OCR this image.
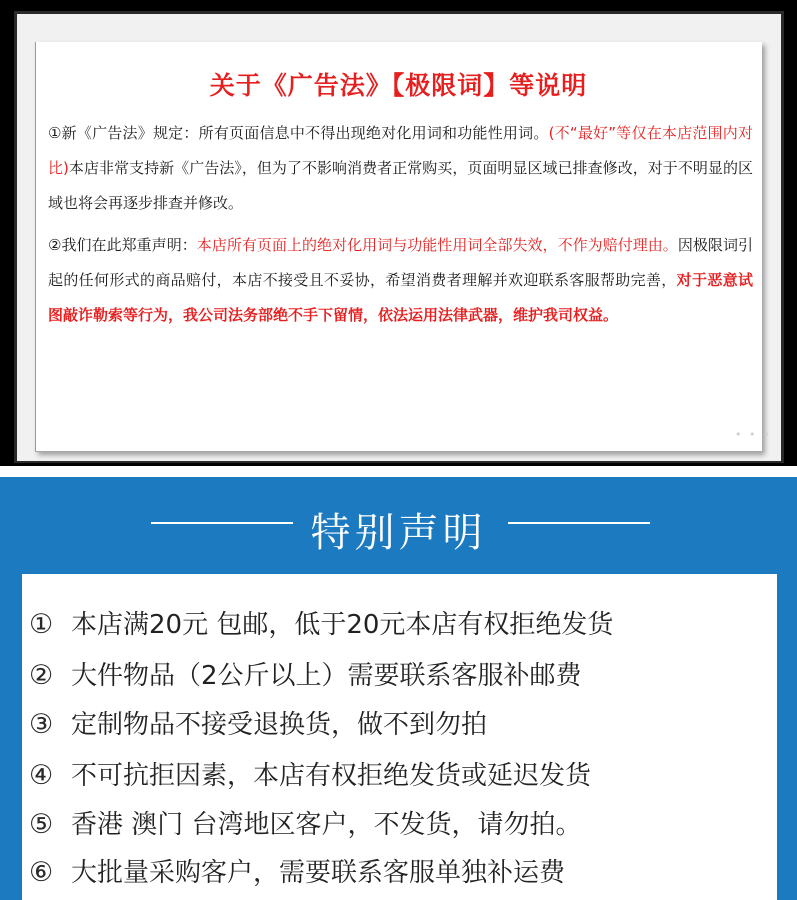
关于《广告法》【极限词】等说明
①新《广告法》规定：所有页面信息中不得出现绝对化用词和功能性用词。(不“最好”等仅在本店范围内对比)本店非常支持新《广告法》，但为了不影响消费者正常购买，页面明显区域已排查修改，对于不明显的区域也将会再逐步排查并修改。
②我们在此郑重声明：本店所有页面上的绝对化用词与功能性用词全部失效，不作为赔付理由。因极限词引起的任何形式的商品赔付，本店不接受且不妥协，希望消费者理解并欢迎联系客服帮助完善，对于恶意试图敲诈勒索等行为，我公司法务部绝不手下留情，依法运用法律武器，维护我司权益。
• • •
特别声明
① 本店满20元 包邮，低于20元本店有权拒绝发货
② 大件物品（2公斤以上）需要联系客服补邮费
③ 定制物品不接受退换货，做不到勿拍
④ 不可抗拒因素，本店有权拒绝发货或延迟发货
⑤ 香港 澳门 台湾地区客户，不发货，请勿拍。
⑥ 大批量采购客户，需要联系客服单独补运费
